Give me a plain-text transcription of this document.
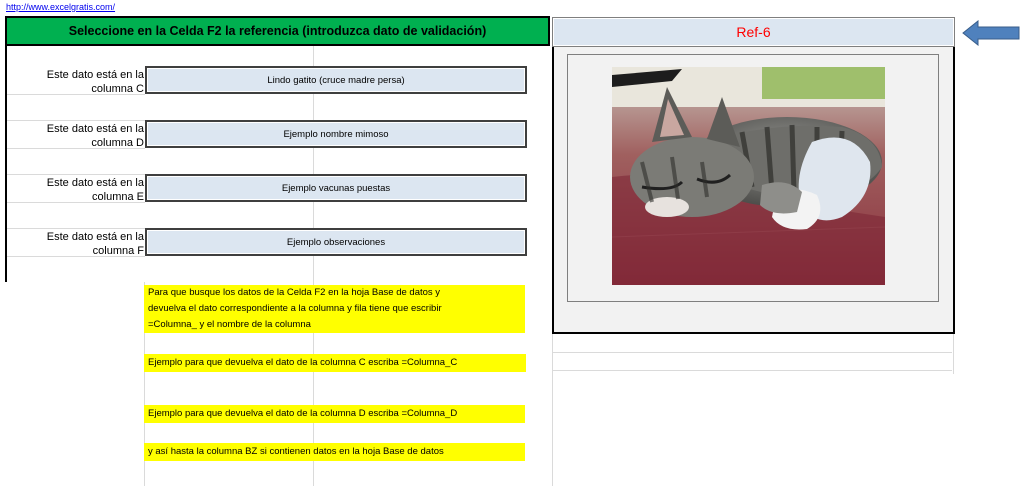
http://www.excelgratis.com/
Seleccione en la Celda F2 la referencia (introduzca dato de validación)	Ref-6
Este dato está en la
columna C
Lindo gatito (cruce madre persa)
Este dato está en la
columna D
Ejemplo nombre mimoso
Este dato está en la
columna E
Ejemplo vacunas puestas
Este dato está en la
columna F
Ejemplo observaciones
Para que busque los datos de la Celda F2 en la hoja Base de datos y
devuelva el dato correspondiente a la columna y fila tiene que escribir
=Columna_ y el nombre de la columna
Ejemplo para que devuelva el dato de la columna C escriba =Columna_C
Ejemplo para que devuelva el dato de la columna D escriba =Columna_D
y así hasta la columna BZ si contienen datos en la hoja Base de datos
